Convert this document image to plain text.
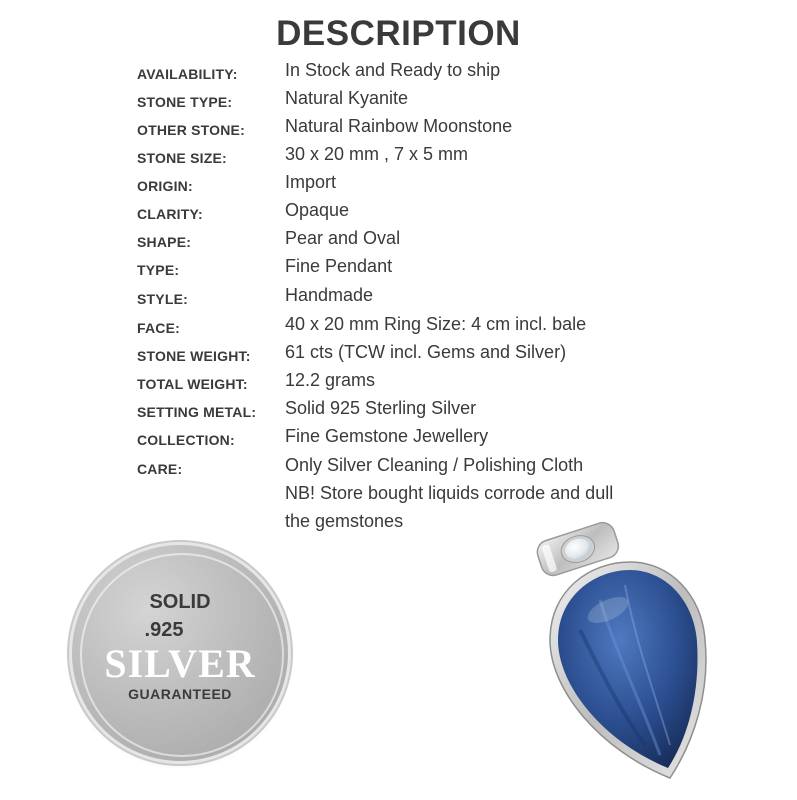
DESCRIPTION
AVAILABILITY:	In Stock and Ready to ship
STONE TYPE:	Natural Kyanite
OTHER STONE: Natural Rainbow Moonstone
STONE SIZE:	30 x 20 mm , 7 x 5 mm
ORIGIN:	Import
CLARITY:	Opaque
SHAPE:	Pear and Oval
TYPE:	Fine Pendant
STYLE:	Handmade
FACE:	40 x 20 mm Ring Size: 4 cm incl. bale
STONE WEIGHT: 61 cts (TCW incl. Gems and Silver)
TOTAL WEIGHT: 12.2 grams
SETTING METAL: Solid 925 Sterling Silver
COLLECTION:	Fine Gemstone Jewellery
CARE:	Only Silver Cleaning / Polishing Cloth
NB! Store bought liquids corrode and dull
the gemstones
SOLID
.925
SILVER
GUARANTEED
